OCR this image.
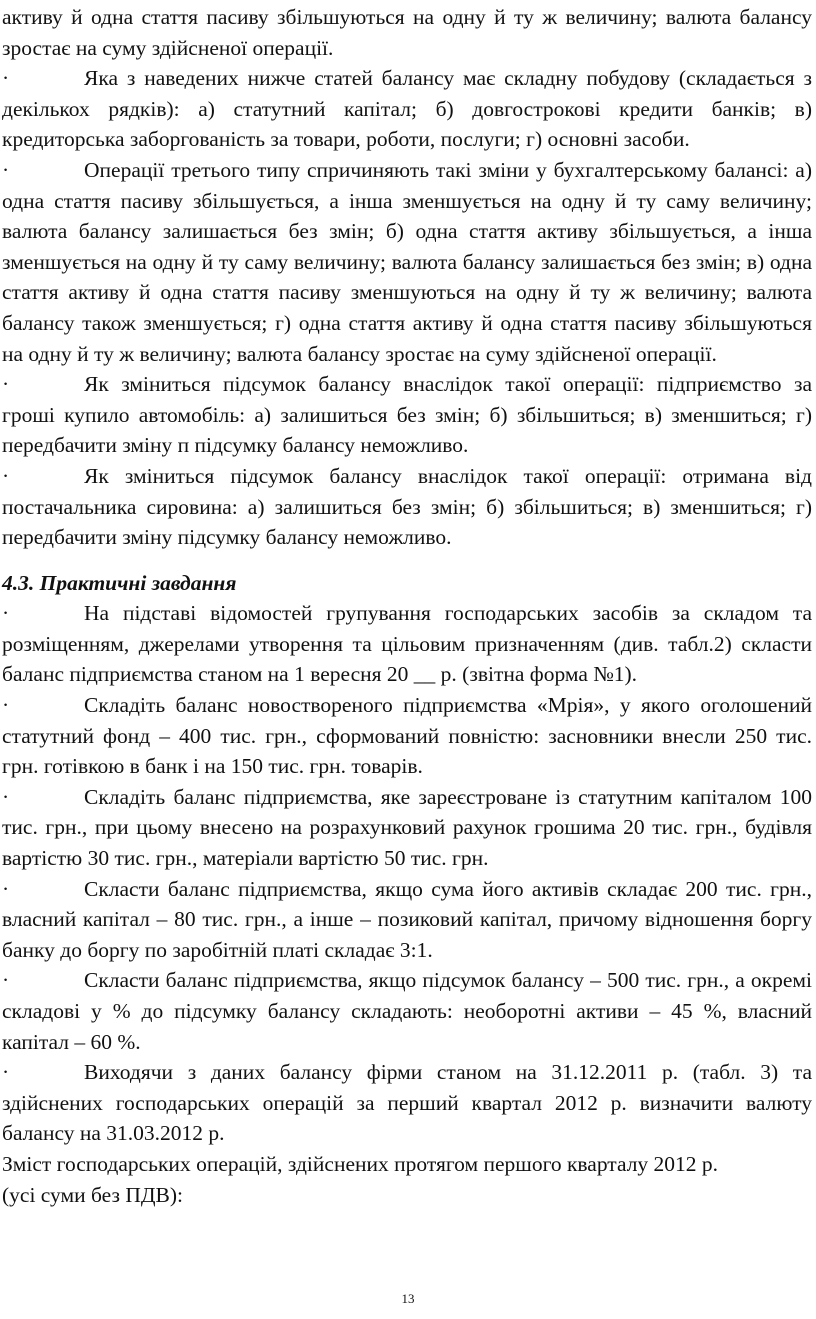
активу й одна стаття пасиву збільшуються на одну й ту ж величину; валюта балансу зростає на суму здійсненої операції.

·	Яка з наведених нижче статей балансу має складну побудову (складається з декількох рядків): а) статутний капітал; б) довгострокові кредити банків; в) кредиторська заборгованість за товари, роботи, послуги; г) основні засоби.

·	Операції третього типу спричиняють такі зміни у бухгалтерському балансі: а) одна стаття пасиву збільшується, а інша зменшується на одну й ту саму величину; валюта балансу залишається без змін; б) одна стаття активу збільшується, а інша зменшується на одну й ту саму величину; валюта балансу залишається без змін; в) одна стаття активу й одна стаття пасиву зменшуються на одну й ту ж величину; валюта балансу також зменшується; г) одна стаття активу й одна стаття пасиву збільшуються на одну й ту ж величину; валюта балансу зростає на суму здійсненої операції.

·	Як зміниться підсумок балансу внаслідок такої операції: підприємство за гроші купило автомобіль: а) залишиться без змін; б) збільшиться; в) зменшиться; г) передбачити зміну п підсумку балансу неможливо.

·	Як зміниться підсумок балансу внаслідок такої операції: отримана від постачальника сировина: а) залишиться без змін; б) збільшиться; в) зменшиться; г) передбачити зміну підсумку балансу неможливо.

4.3. Практичні завдання

·	На підставі відомостей групування господарських засобів за складом та розміщенням, джерелами утворення та цільовим призначенням (див. табл.2) скласти баланс підприємства станом на 1 вересня 20 __ р. (звітна форма №1).

·	Складіть баланс новоствореного підприємства «Мрія», у якого оголошений статутний фонд – 400 тис. грн., сформований повністю: засновники внесли 250 тис. грн. готівкою в банк і на 150 тис. грн. товарів.

·	Складіть баланс підприємства, яке зареєстроване із статутним капіталом 100 тис. грн., при цьому внесено на розрахунковий рахунок грошима 20 тис. грн., будівля вартістю 30 тис. грн., матеріали вартістю 50 тис. грн.

·	Скласти баланс підприємства, якщо сума його активів складає 200 тис. грн., власний капітал – 80 тис. грн., а інше – позиковий капітал, причому відношення боргу банку до боргу по заробітній платі складає 3:1.

·	Скласти баланс підприємства, якщо підсумок балансу – 500 тис. грн., а окремі складові у % до підсумку балансу складають: необоротні активи – 45 %, власний капітал – 60 %.

·	Виходячи з даних балансу фірми станом на 31.12.2011 р. (табл. 3) та здійснених господарських операцій за перший квартал 2012 р. визначити валюту балансу на 31.03.2012 р.

Зміст господарських операцій, здійснених протягом першого кварталу 2012 р.

(усі суми без ПДВ):

13
